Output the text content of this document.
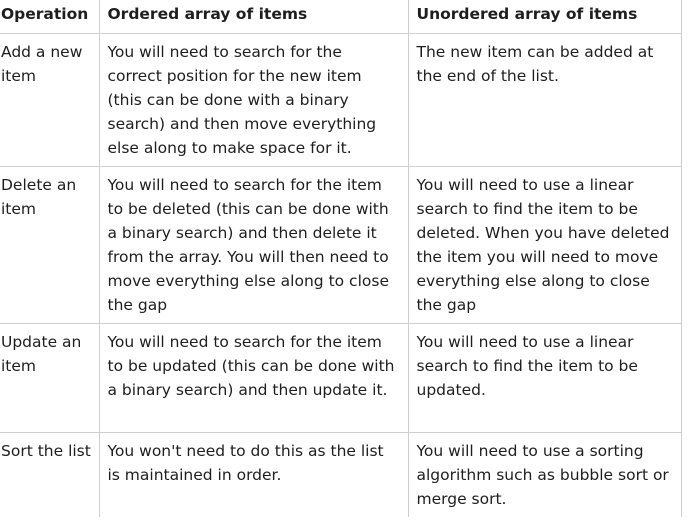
Operation	Ordered array of items	Unordered array of items
Add a new item	You will need to search for the correct position for the new item (this can be done with a binary search) and then move everything else along to make space for it.	The new item can be added at the end of the list.
Delete an item	You will need to search for the item to be deleted (this can be done with a binary search) and then delete it from the array. You will then need to move everything else along to close the gap	You will need to use a linear search to find the item to be deleted. When you have deleted the item you will need to move everything else along to close the gap
Update an item	You will need to search for the item to be updated (this can be done with a binary search) and then update it.	You will need to use a linear search to find the item to be updated.
Sort the list	You won't need to do this as the list is maintained in order.	You will need to use a sorting algorithm such as bubble sort or merge sort.
